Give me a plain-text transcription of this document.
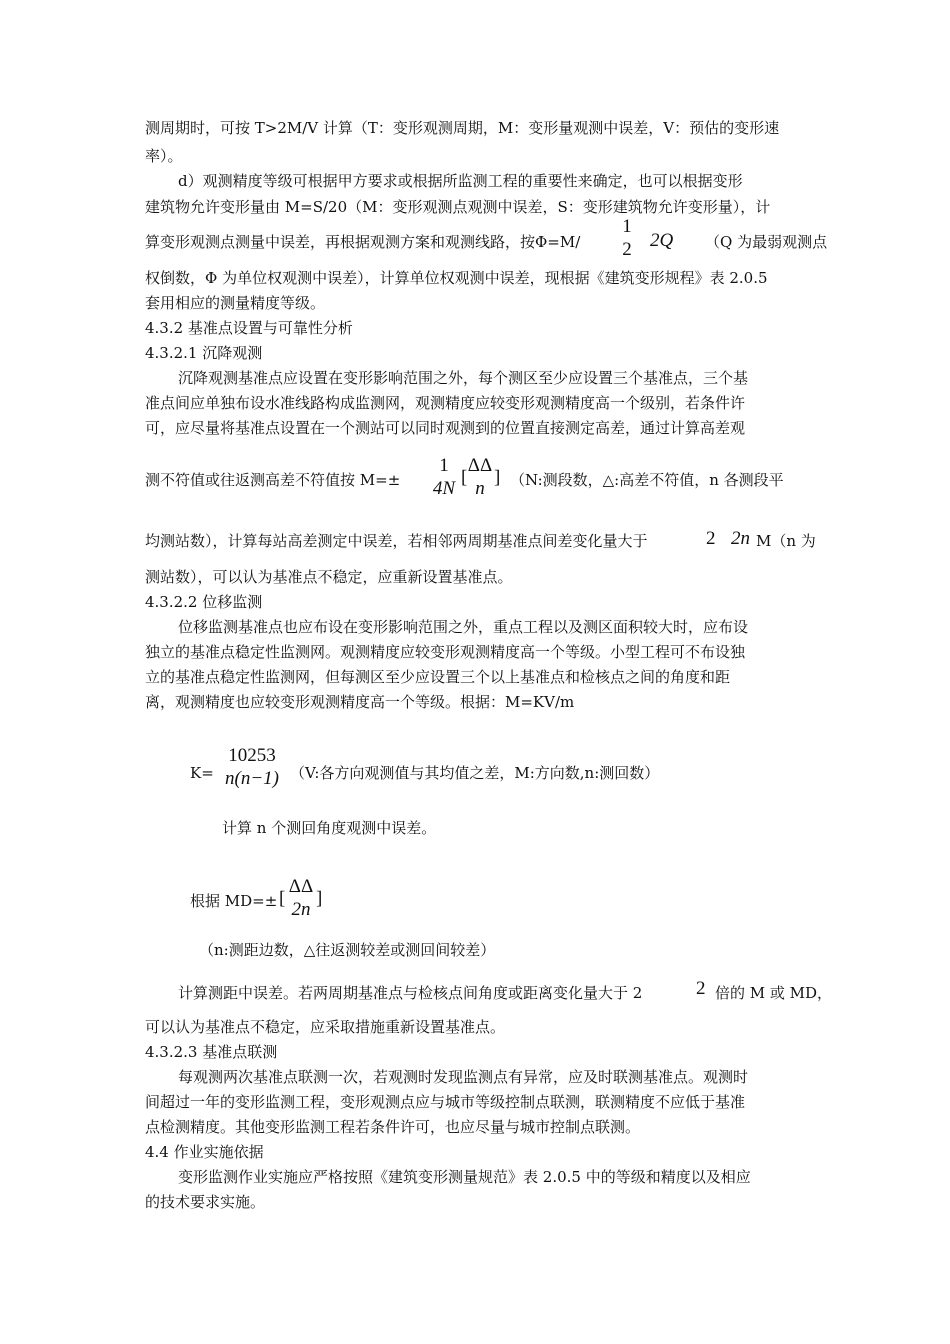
测周期时，可按 T>2M/V 计算（T：变形观测周期，M：变形量观测中误差，V：预估的变形速
率）。
d）观测精度等级可根据甲方要求或根据所监测工程的重要性来确定，也可以根据变形
建筑物允许变形量由 M=S/20（M：变形观测点观测中误差，S：变形建筑物允许变形量），计
算变形观测点测量中误差，再根据观测方案和观测线路，按Φ=M/
1
2 2Q （Q 为最弱观测点
权倒数，Φ 为单位权观测中误差），计算单位权观测中误差，现根据《建筑变形规程》表 2.0.5
套用相应的测量精度等级。
4.3.2 基准点设置与可靠性分析
4.3.2.1 沉降观测
沉降观测基准点应设置在变形影响范围之外，每个测区至少应设置三个基准点，三个基
准点间应单独布设水准线路构成监测网，观测精度应较变形观测精度高一个级别，若条件许
可，应尽量将基准点设置在一个测站可以同时观测到的位置直接测定高差，通过计算高差观
测不符值或往返测高差不符值按 M=±
1
4N
[
ΔΔ
n
] （N:测段数，△:高差不符值，n 各测段平
均测站数），计算每站高差测定中误差，若相邻两周期基准点间差变化量大于	2 2n M（n 为
测站数），可以认为基准点不稳定，应重新设置基准点。
4.3.2.2 位移监测
位移监测基准点也应布设在变形影响范围之外，重点工程以及测区面积较大时，应布设
独立的基准点稳定性监测网。观测精度应较变形观测精度高一个等级。小型工程可不布设独
立的基准点稳定性监测网，但每测区至少应设置三个以上基准点和检核点之间的角度和距
离，观测精度也应较变形观测精度高一个等级。根据：M=KV/m
K=
10253
n(n−1) （V:各方向观测值与其均值之差，M:方向数,n:测回数）
计算 n 个测回角度观测中误差。
根据 MD=± [
ΔΔ
2n
]
（n:测距边数，△往返测较差或测回间较差）
计算测距中误差。若两周期基准点与检核点间角度或距离变化量大于 2	2 倍的 M 或 MD，
可以认为基准点不稳定，应采取措施重新设置基准点。
4.3.2.3 基准点联测
每观测两次基准点联测一次，若观测时发现监测点有异常，应及时联测基准点。观测时
间超过一年的变形监测工程，变形观测点应与城市等级控制点联测，联测精度不应低于基准
点检测精度。其他变形监测工程若条件许可，也应尽量与城市控制点联测。
4.4 作业实施依据
变形监测作业实施应严格按照《建筑变形测量规范》表 2.0.5 中的等级和精度以及相应
的技术要求实施。
